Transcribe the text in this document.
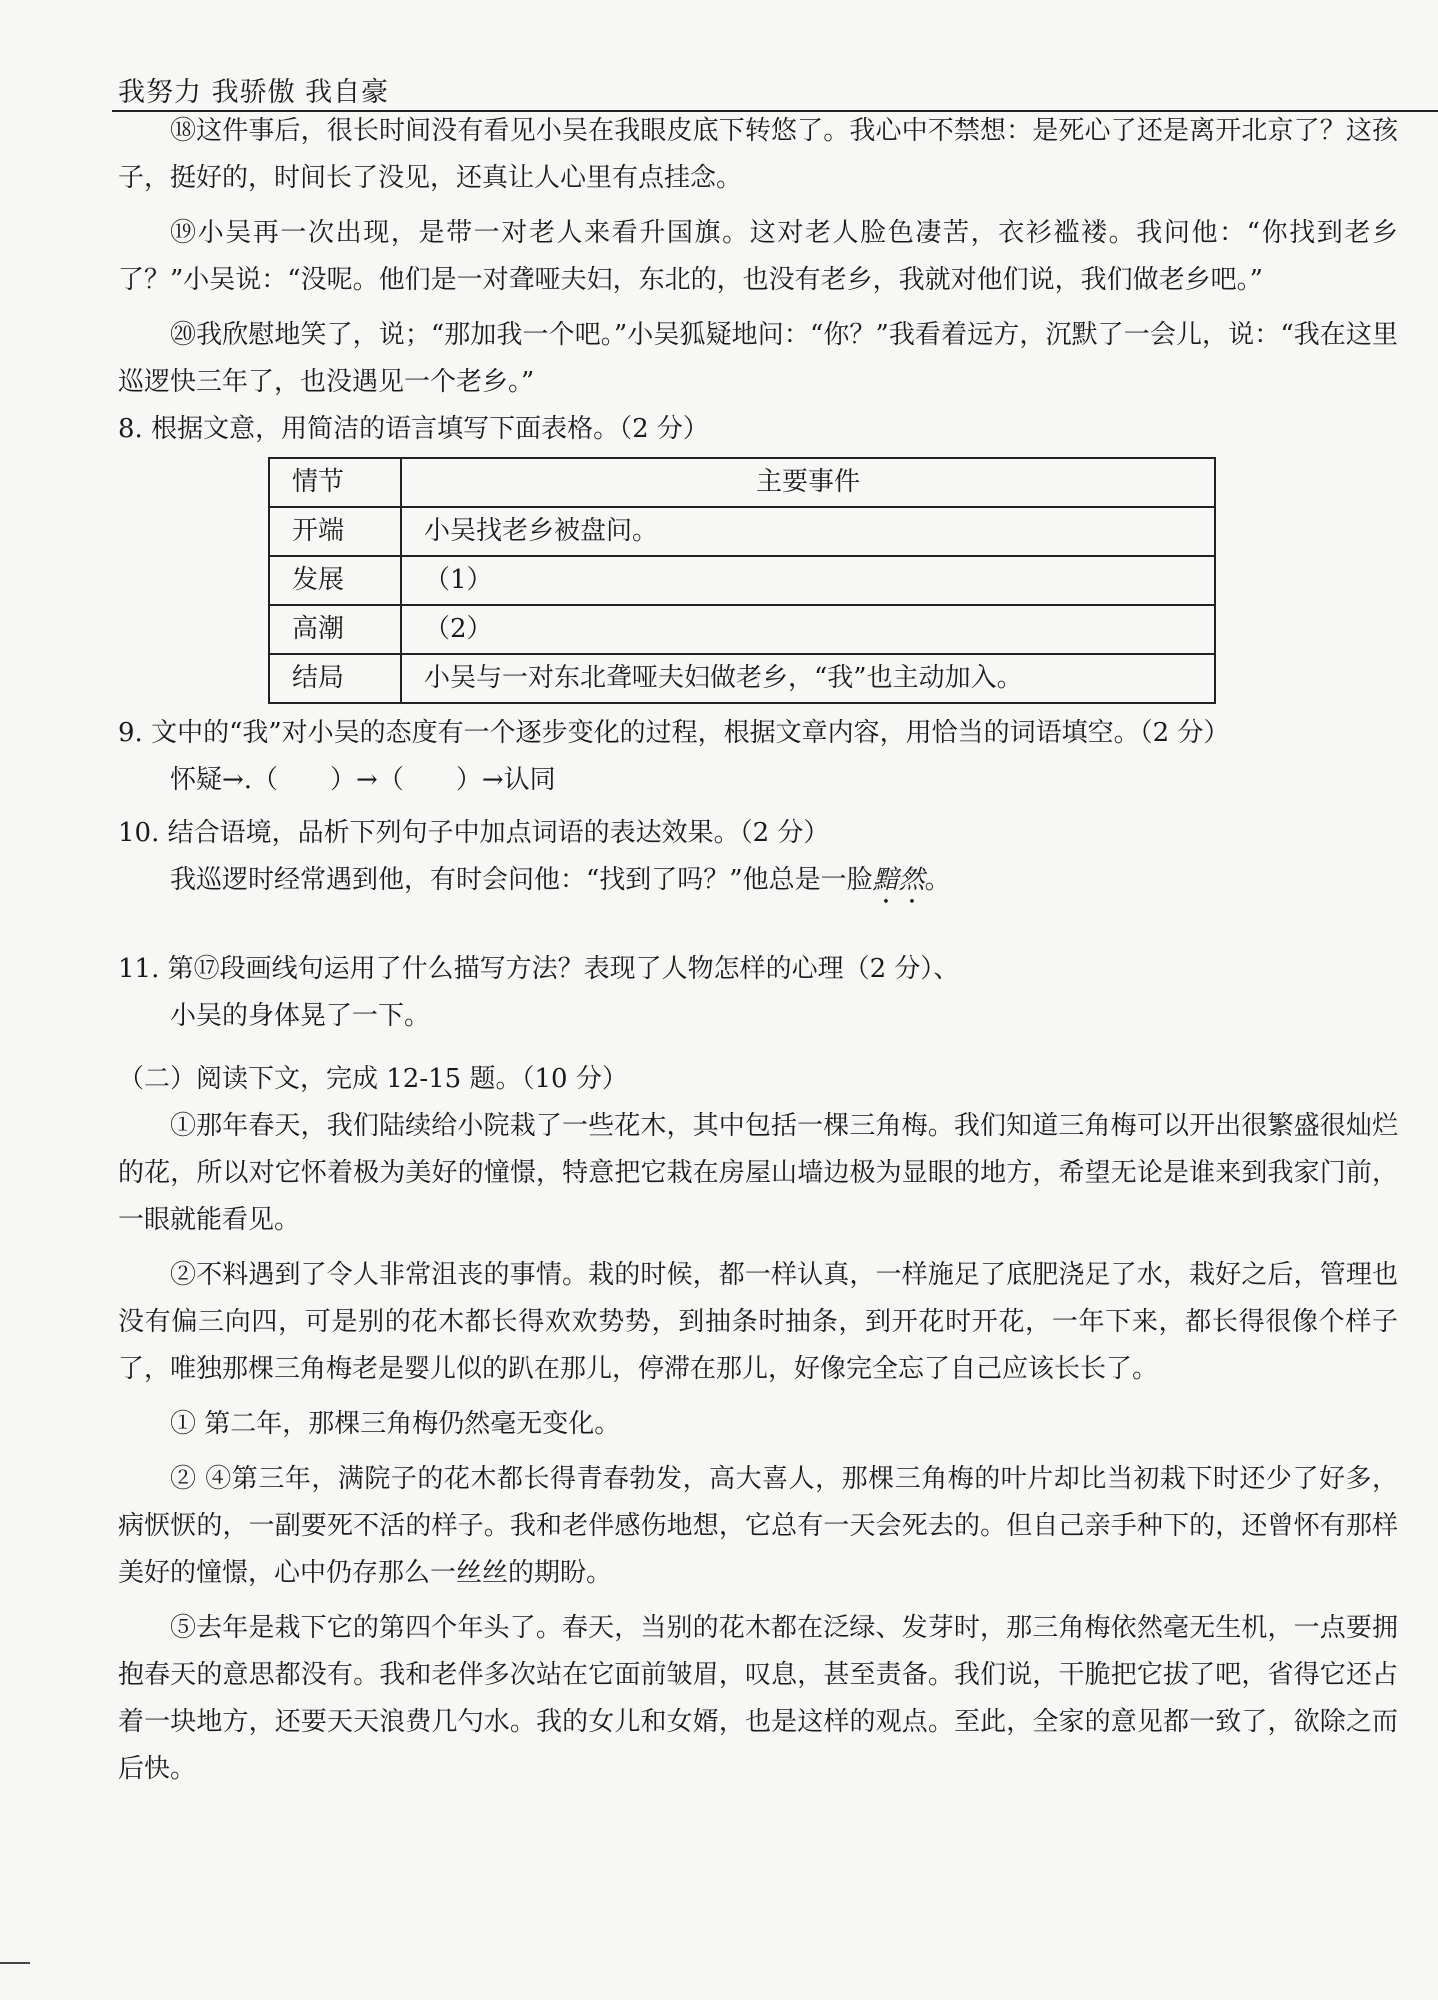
我努力 我骄傲 我自豪

⑱这件事后，很长时间没有看见小吴在我眼皮底下转悠了。我心中不禁想：是死心了还是离开北京了？这孩子，挺好的，时间长了没见，还真让人心里有点挂念。

⑲小吴再一次出现，是带一对老人来看升国旗。这对老人脸色凄苦，衣衫褴褛。我问他：“你找到老乡了？”小吴说：“没呢。他们是一对聋哑夫妇，东北的，也没有老乡，我就对他们说，我们做老乡吧。”

⑳我欣慰地笑了，说；“那加我一个吧。”小吴狐疑地问：“你？”我看着远方，沉默了一会儿，说：“我在这里巡逻快三年了，也没遇见一个老乡。”

8. 根据文意，用简洁的语言填写下面表格。（2 分）
情节	主要事件
开端	小吴找老乡被盘问。
发展	（1）
高潮	（2）
结局	小吴与一对东北聋哑夫妇做老乡，“我”也主动加入。
9. 文中的“我”对小吴的态度有一个逐步变化的过程，根据文章内容，用恰当的词语填空。（2 分）
怀疑→.（　　）→（　　）→认同
10. 结合语境，品析下列句子中加点词语的表达效果。（2 分）
我巡逻时经常遇到他，有时会问他：“找到了吗？”他总是一脸黯然。
11. 第⑰段画线句运用了什么描写方法？表现了人物怎样的心理（2 分）、
小吴的身体晃了一下。
（二）阅读下文，完成 12-15 题。（10 分）

①那年春天，我们陆续给小院栽了一些花木，其中包括一棵三角梅。我们知道三角梅可以开出很繁盛很灿烂的花，所以对它怀着极为美好的憧憬，特意把它栽在房屋山墙边极为显眼的地方，希望无论是谁来到我家门前，一眼就能看见。

②不料遇到了令人非常沮丧的事情。栽的时候，都一样认真，一样施足了底肥浇足了水，栽好之后，管理也没有偏三向四，可是别的花木都长得欢欢势势，到抽条时抽条，到开花时开花，一年下来，都长得很像个样子了，唯独那棵三角梅老是婴儿似的趴在那儿，停滞在那儿，好像完全忘了自己应该长长了。

① 第二年，那棵三角梅仍然毫无变化。

② ④第三年，满院子的花木都长得青春勃发，高大喜人，那棵三角梅的叶片却比当初栽下时还少了好多，病恹恹的，一副要死不活的样子。我和老伴感伤地想，它总有一天会死去的。但自己亲手种下的，还曾怀有那样美好的憧憬，心中仍存那么一丝丝的期盼。

⑤去年是栽下它的第四个年头了。春天，当别的花木都在泛绿、发芽时，那三角梅依然毫无生机，一点要拥抱春天的意思都没有。我和老伴多次站在它面前皱眉，叹息，甚至责备。我们说，干脆把它拔了吧，省得它还占着一块地方，还要天天浪费几勺水。我的女儿和女婿，也是这样的观点。至此，全家的意见都一致了，欲除之而后快。
